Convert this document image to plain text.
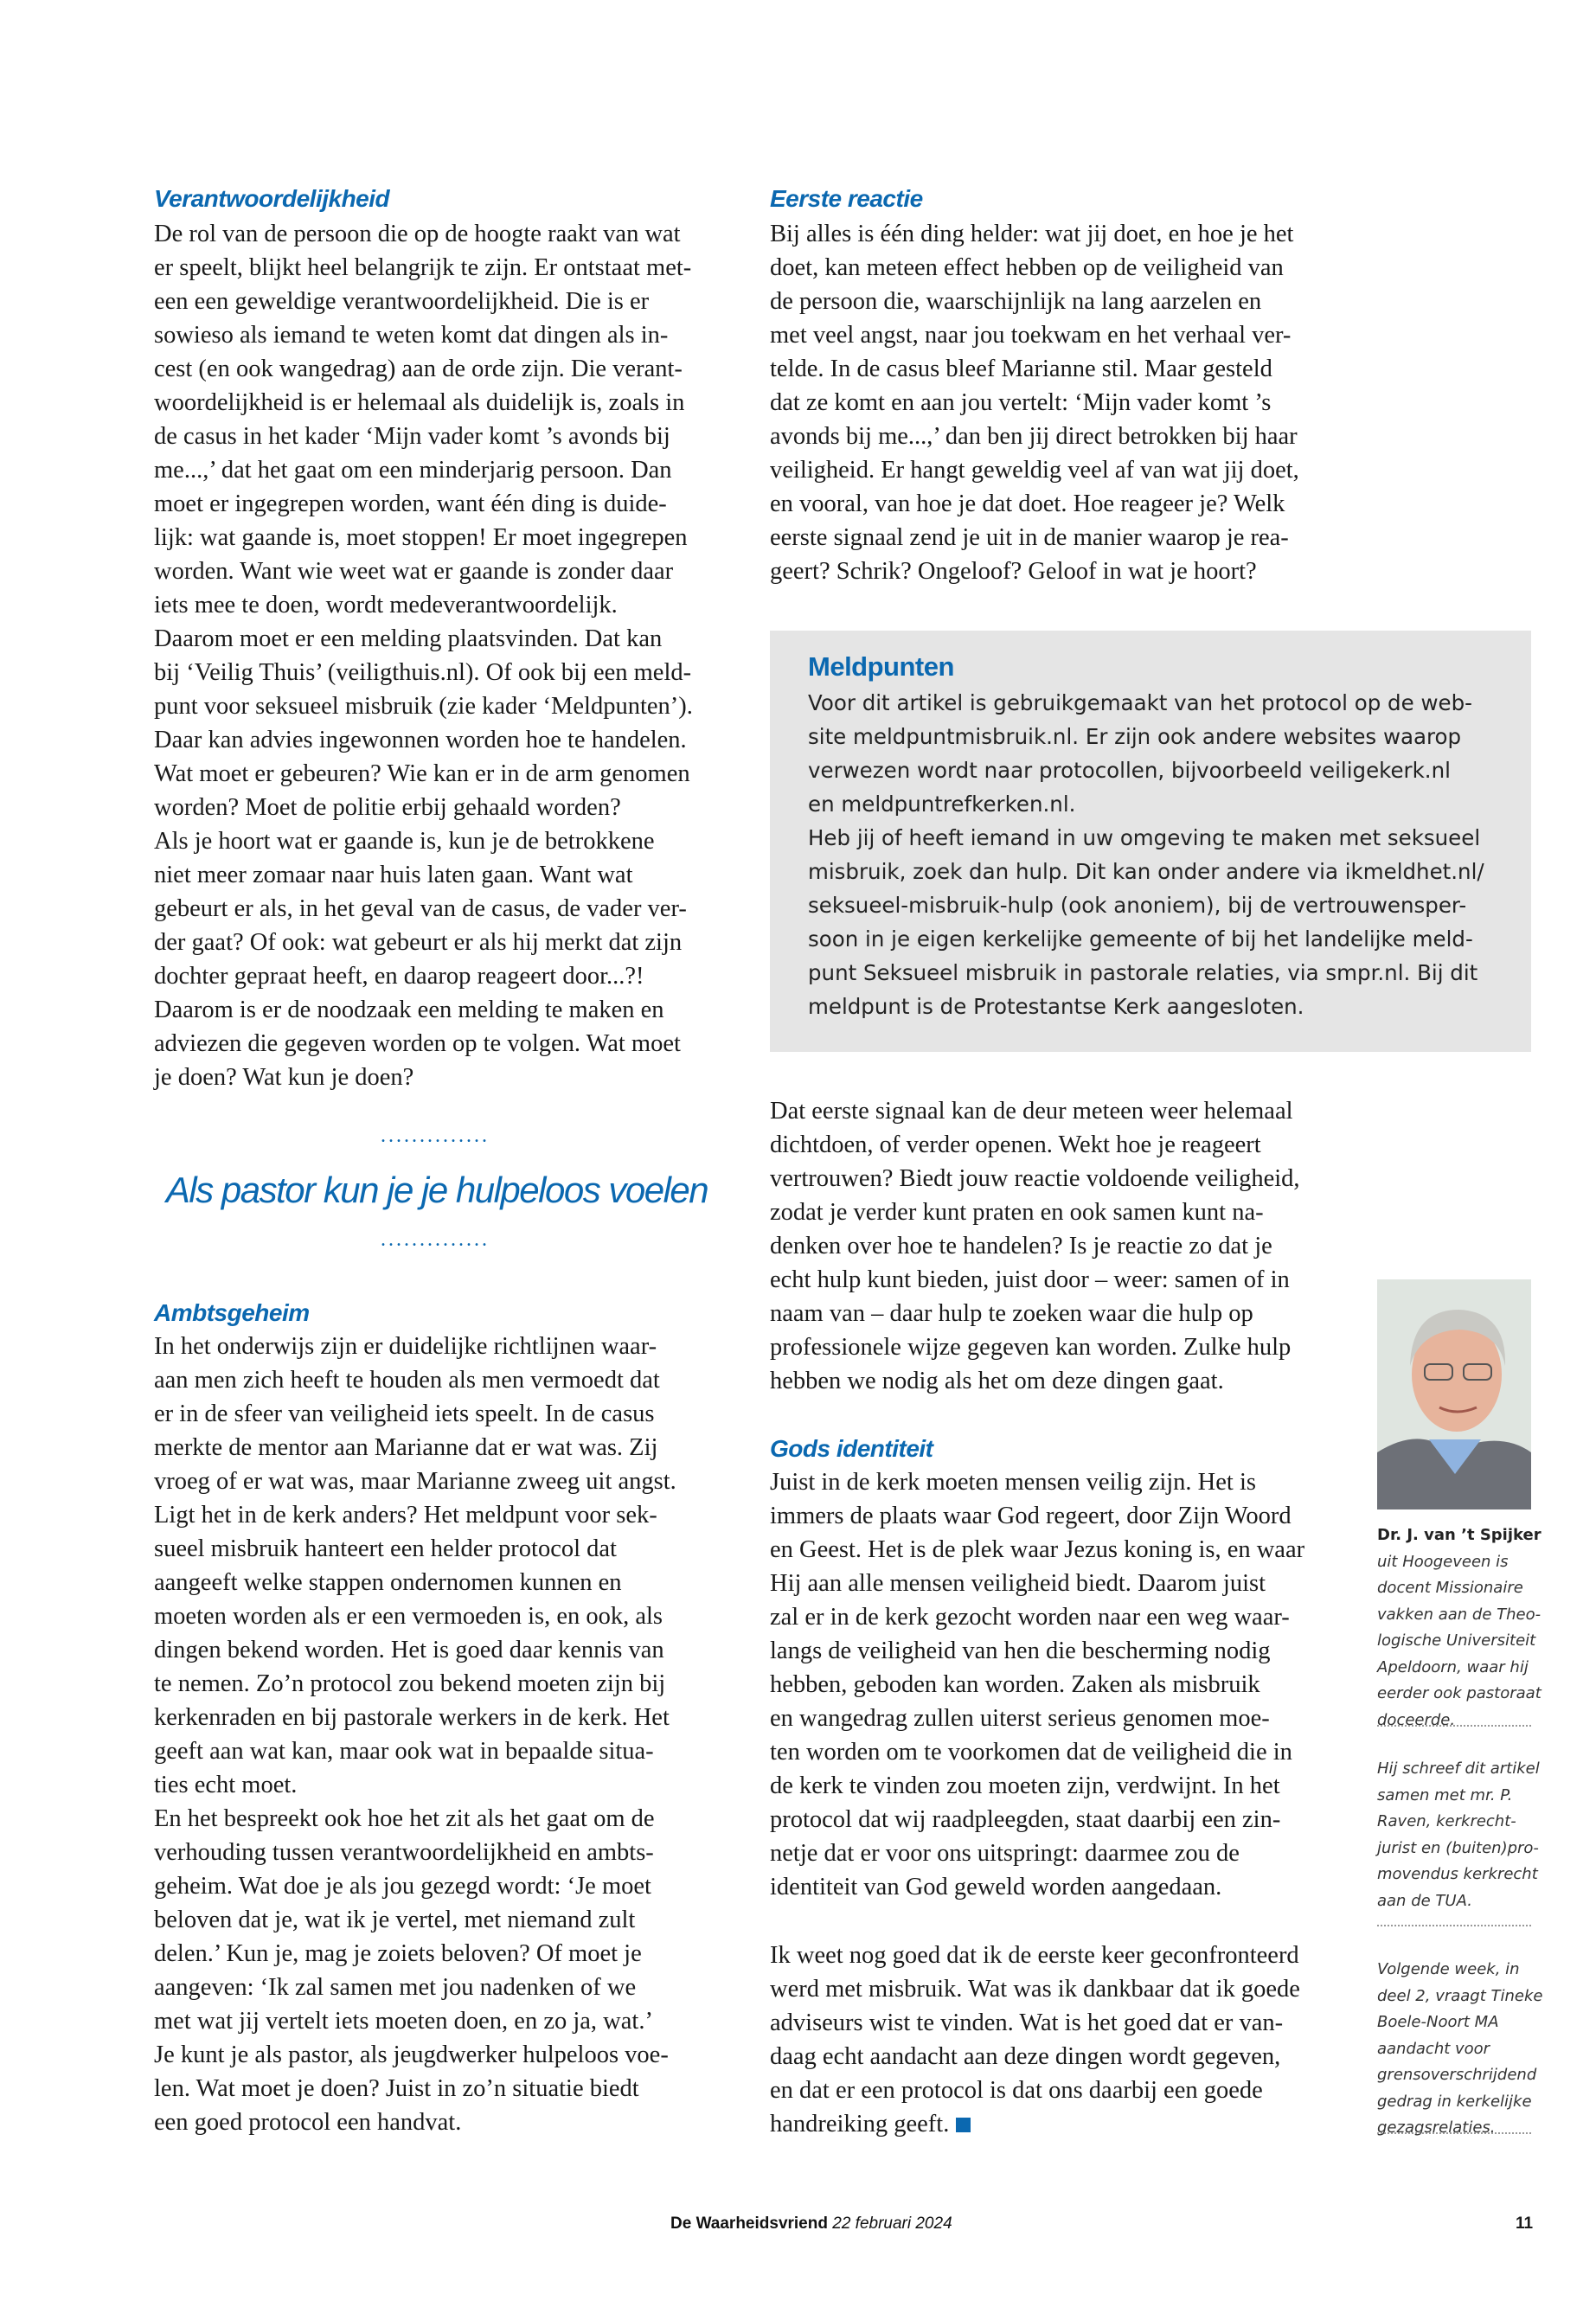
Verantwoordelijkheid
De rol van de persoon die op de hoogte raakt van wat
er speelt, blijkt heel belangrijk te zijn. Er ontstaat met-
een een geweldige verantwoordelijkheid. Die is er
sowieso als iemand te weten komt dat dingen als in-
cest (en ook wangedrag) aan de orde zijn. Die verant-
woordelijkheid is er helemaal als duidelijk is, zoals in
de casus in het kader ‘Mijn vader komt ’s avonds bij
me...,’ dat het gaat om een minderjarig persoon. Dan
moet er ingegrepen worden, want één ding is duide-
lijk: wat gaande is, moet stoppen! Er moet ingegrepen
worden. Want wie weet wat er gaande is zonder daar
iets mee te doen, wordt medeverantwoordelijk.
Daarom moet er een melding plaatsvinden. Dat kan
bij ‘Veilig Thuis’ (veiligthuis.nl). Of ook bij een meld-
punt voor seksueel misbruik (zie kader ‘Meldpunten’).
Daar kan advies ingewonnen worden hoe te handelen.
Wat moet er gebeuren? Wie kan er in de arm genomen
worden? Moet de politie erbij gehaald worden?
Als je hoort wat er gaande is, kun je de betrokkene
niet meer zomaar naar huis laten gaan. Want wat
gebeurt er als, in het geval van de casus, de vader ver-
der gaat? Of ook: wat gebeurt er als hij merkt dat zijn
dochter gepraat heeft, en daarop reageert door...?!
Daarom is er de noodzaak een melding te maken en
adviezen die gegeven worden op te volgen. Wat moet
je doen? Wat kun je doen?
..............
Als pastor kun je je hulpeloos voelen
..............
Ambtsgeheim
In het onderwijs zijn er duidelijke richtlijnen waar-
aan men zich heeft te houden als men vermoedt dat
er in de sfeer van veiligheid iets speelt. In de casus
merkte de mentor aan Marianne dat er wat was. Zij
vroeg of er wat was, maar Marianne zweeg uit angst.
Ligt het in de kerk anders? Het meldpunt voor sek-
sueel misbruik hanteert een helder protocol dat
aangeeft welke stappen ondernomen kunnen en
moeten worden als er een vermoeden is, en ook, als
dingen bekend worden. Het is goed daar kennis van
te nemen. Zo’n protocol zou bekend moeten zijn bij
kerkenraden en bij pastorale werkers in de kerk. Het
geeft aan wat kan, maar ook wat in bepaalde situa-
ties echt moet.
En het bespreekt ook hoe het zit als het gaat om de
verhouding tussen verantwoordelijkheid en ambts-
geheim. Wat doe je als jou gezegd wordt: ‘Je moet
beloven dat je, wat ik je vertel, met niemand zult
delen.’ Kun je, mag je zoiets beloven? Of moet je
aangeven: ‘Ik zal samen met jou nadenken of we
met wat jij vertelt iets moeten doen, en zo ja, wat.’
Je kunt je als pastor, als jeugdwerker hulpeloos voe-
len. Wat moet je doen? Juist in zo’n situatie biedt
een goed protocol een handvat.
Eerste reactie
Bij alles is één ding helder: wat jij doet, en hoe je het
doet, kan meteen effect hebben op de veiligheid van
de persoon die, waarschijnlijk na lang aarzelen en
met veel angst, naar jou toekwam en het verhaal ver-
telde. In de casus bleef Marianne stil. Maar gesteld
dat ze komt en aan jou vertelt: ‘Mijn vader komt ’s
avonds bij me...,’ dan ben jij direct betrokken bij haar
veiligheid. Er hangt geweldig veel af van wat jij doet,
en vooral, van hoe je dat doet. Hoe reageer je? Welk
eerste signaal zend je uit in de manier waarop je rea-
geert? Schrik? Ongeloof? Geloof in wat je hoort?
Meldpunten
Voor dit artikel is gebruikgemaakt van het protocol op de web-
site meldpuntmisbruik.nl. Er zijn ook andere websites waarop
verwezen wordt naar protocollen, bijvoorbeeld veiligekerk.nl
en meldpuntrefkerken.nl.
Heb jij of heeft iemand in uw omgeving te maken met seksueel
misbruik, zoek dan hulp. Dit kan onder andere via ikmeldhet.nl/
seksueel-misbruik-hulp (ook anoniem), bij de vertrouwensper-
soon in je eigen kerkelijke gemeente of bij het landelijke meld-
punt Seksueel misbruik in pastorale relaties, via smpr.nl. Bij dit
meldpunt is de Protestantse Kerk aangesloten.
Dat eerste signaal kan de deur meteen weer helemaal
dichtdoen, of verder openen. Wekt hoe je reageert
vertrouwen? Biedt jouw reactie voldoende veiligheid,
zodat je verder kunt praten en ook samen kunt na-
denken over hoe te handelen? Is je reactie zo dat je
echt hulp kunt bieden, juist door – weer: samen of in
naam van – daar hulp te zoeken waar die hulp op
professionele wijze gegeven kan worden. Zulke hulp
hebben we nodig als het om deze dingen gaat.
Gods identiteit
Juist in de kerk moeten mensen veilig zijn. Het is
immers de plaats waar God regeert, door Zijn Woord
en Geest. Het is de plek waar Jezus koning is, en waar
Hij aan alle mensen veiligheid biedt. Daarom juist
zal er in de kerk gezocht worden naar een weg waar-
langs de veiligheid van hen die bescherming nodig
hebben, geboden kan worden. Zaken als misbruik
en wangedrag zullen uiterst serieus genomen moe-
ten worden om te voorkomen dat de veiligheid die in
de kerk te vinden zou moeten zijn, verdwijnt. In het
protocol dat wij raadpleegden, staat daarbij een zin-
netje dat er voor ons uitspringt: daarmee zou de
identiteit van God geweld worden aangedaan.
Ik weet nog goed dat ik de eerste keer geconfronteerd
werd met misbruik. Wat was ik dankbaar dat ik goede
adviseurs wist te vinden. Wat is het goed dat er van-
daag echt aandacht aan deze dingen wordt gegeven,
en dat er een protocol is dat ons daarbij een goede
handreiking geeft.
Dr. J. van ’t Spijker
uit Hoogeveen is
docent Missionaire
vakken aan de Theo-
logische Universiteit
Apeldoorn, waar hij
eerder ook pastoraat
doceerde.
Hij schreef dit artikel
samen met mr. P.
Raven, kerkrecht-
jurist en (buiten)pro-
movendus kerkrecht
aan de TUA.
Volgende week, in
deel 2, vraagt Tineke
Boele-Noort MA
aandacht voor
grensoverschrijdend
gedrag in kerkelijke
gezagsrelaties.
De Waarheidsvriend 22 februari 2024	11
